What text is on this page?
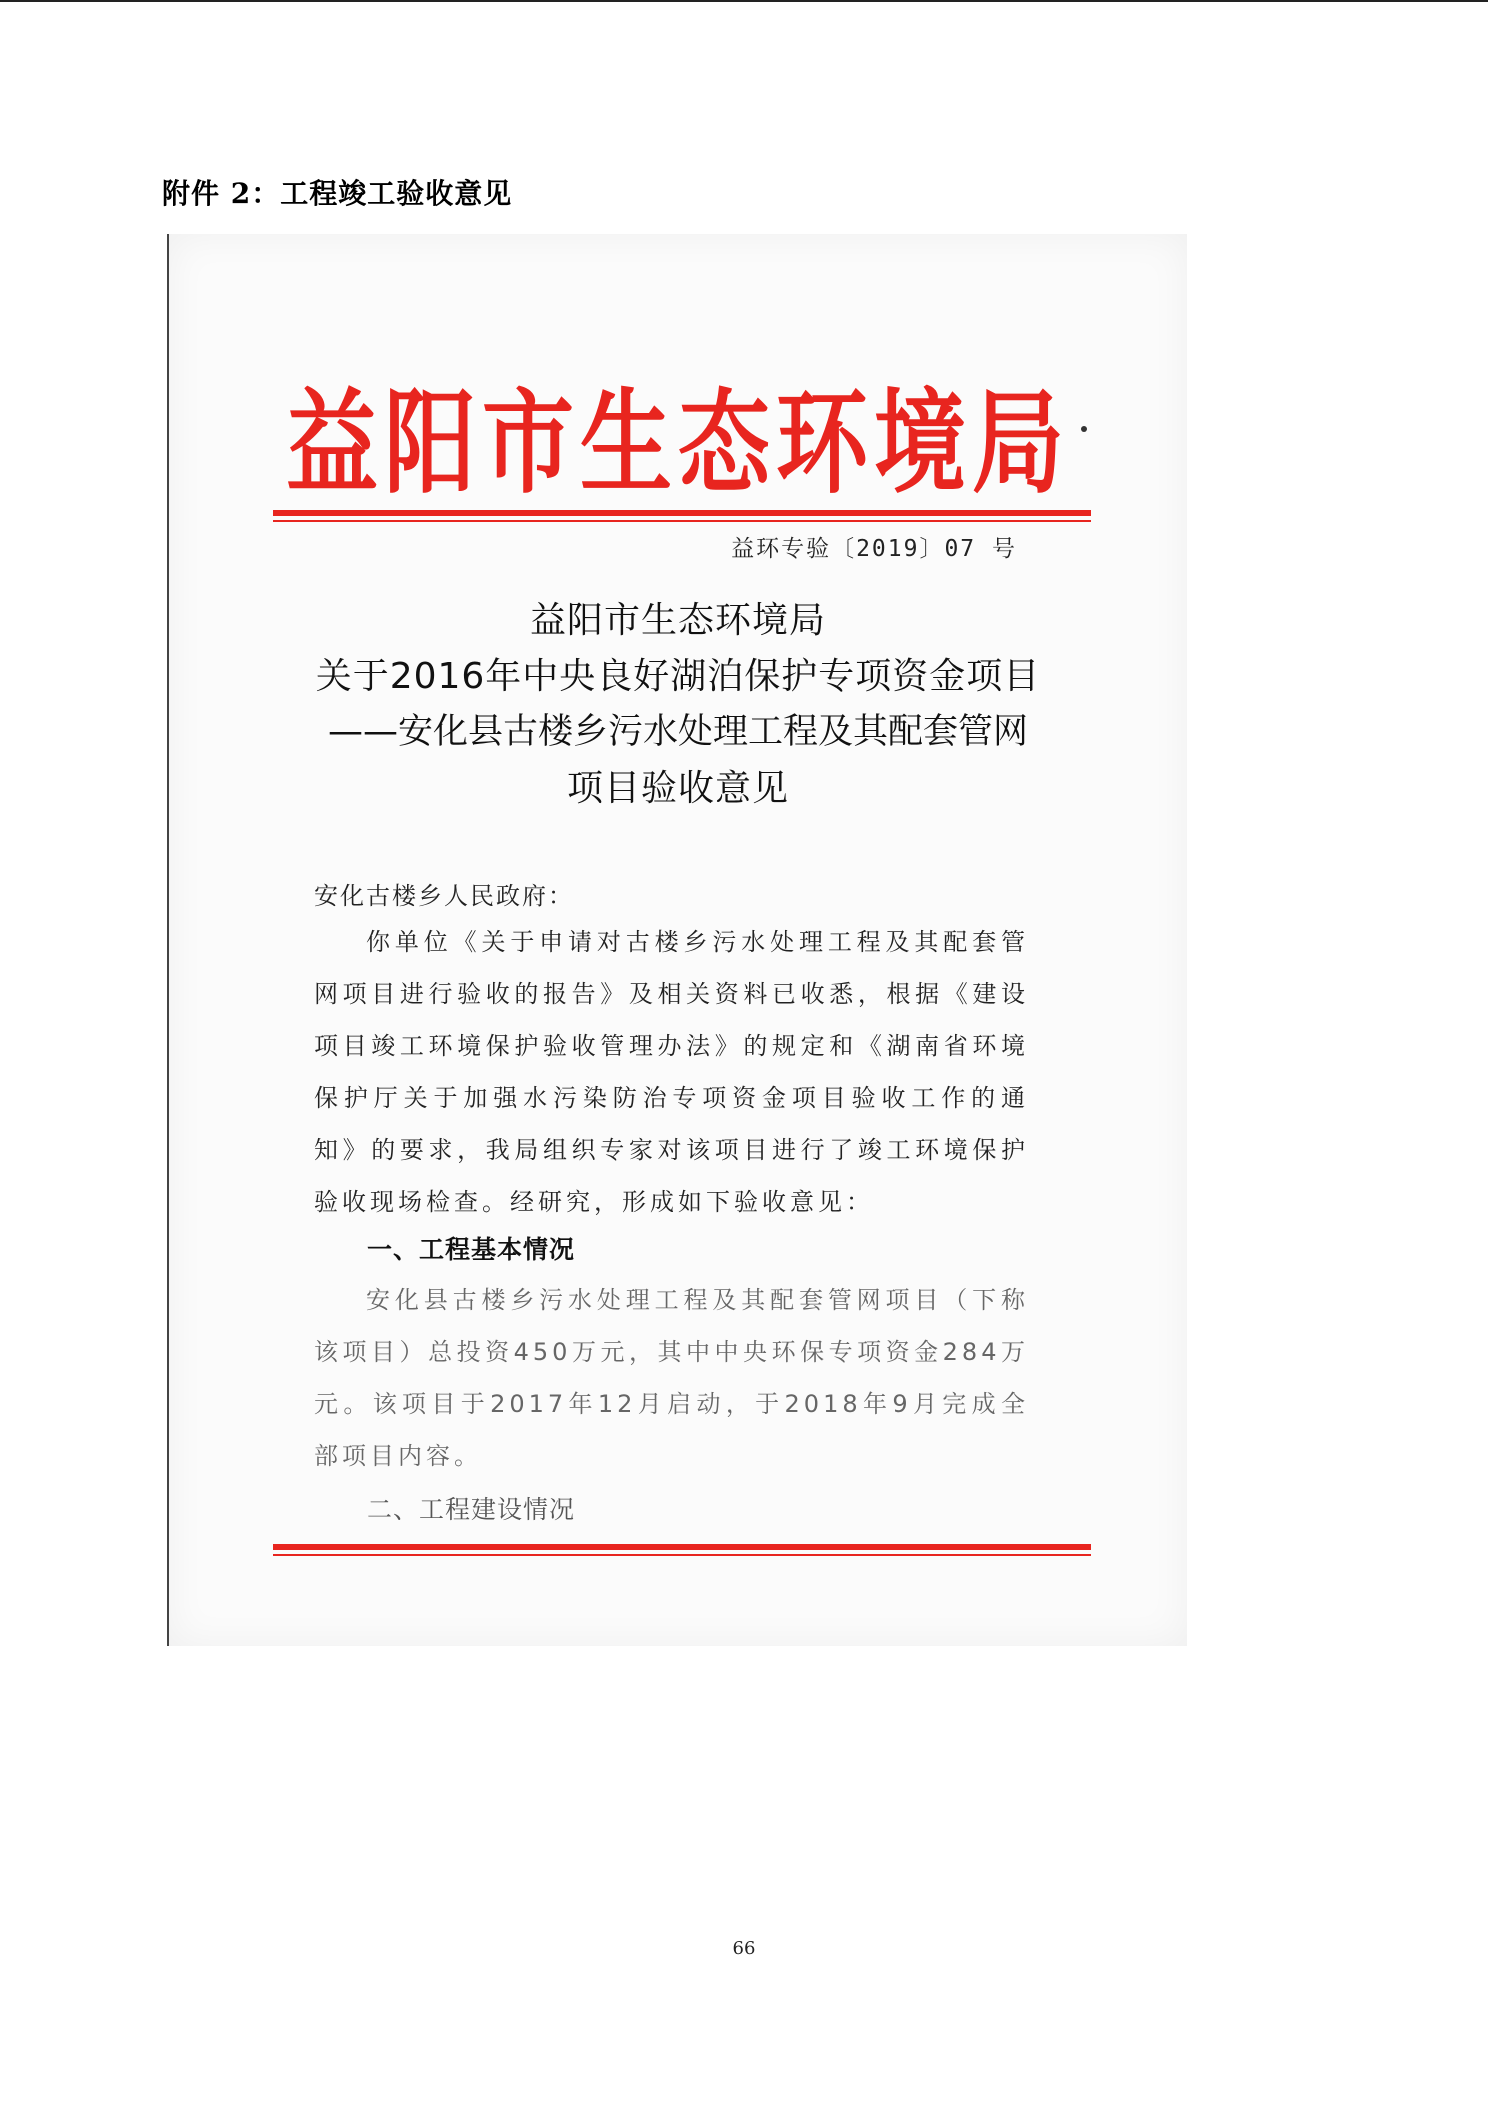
附件 2：工程竣工验收意见
益阳市生态环境局
益环专验〔2019〕07 号
益阳市生态环境局
关于2016年中央良好湖泊保护专项资金项目
——安化县古楼乡污水处理工程及其配套管网
项目验收意见
安化古楼乡人民政府：
你单位《关于申请对古楼乡污水处理工程及其配套管网项目进行验收的报告》及相关资料已收悉，根据《建设项目竣工环境保护验收管理办法》的规定和《湖南省环境保护厅关于加强水污染防治专项资金项目验收工作的通知》的要求，我局组织专家对该项目进行了竣工环境保护验收现场检查。经研究，形成如下验收意见：
一、工程基本情况
安化县古楼乡污水处理工程及其配套管网项目（下称该项目）总投资450万元，其中中央环保专项资金284万元。该项目于2017年12月启动，于2018年9月完成全部项目内容。
二、工程建设情况
66
